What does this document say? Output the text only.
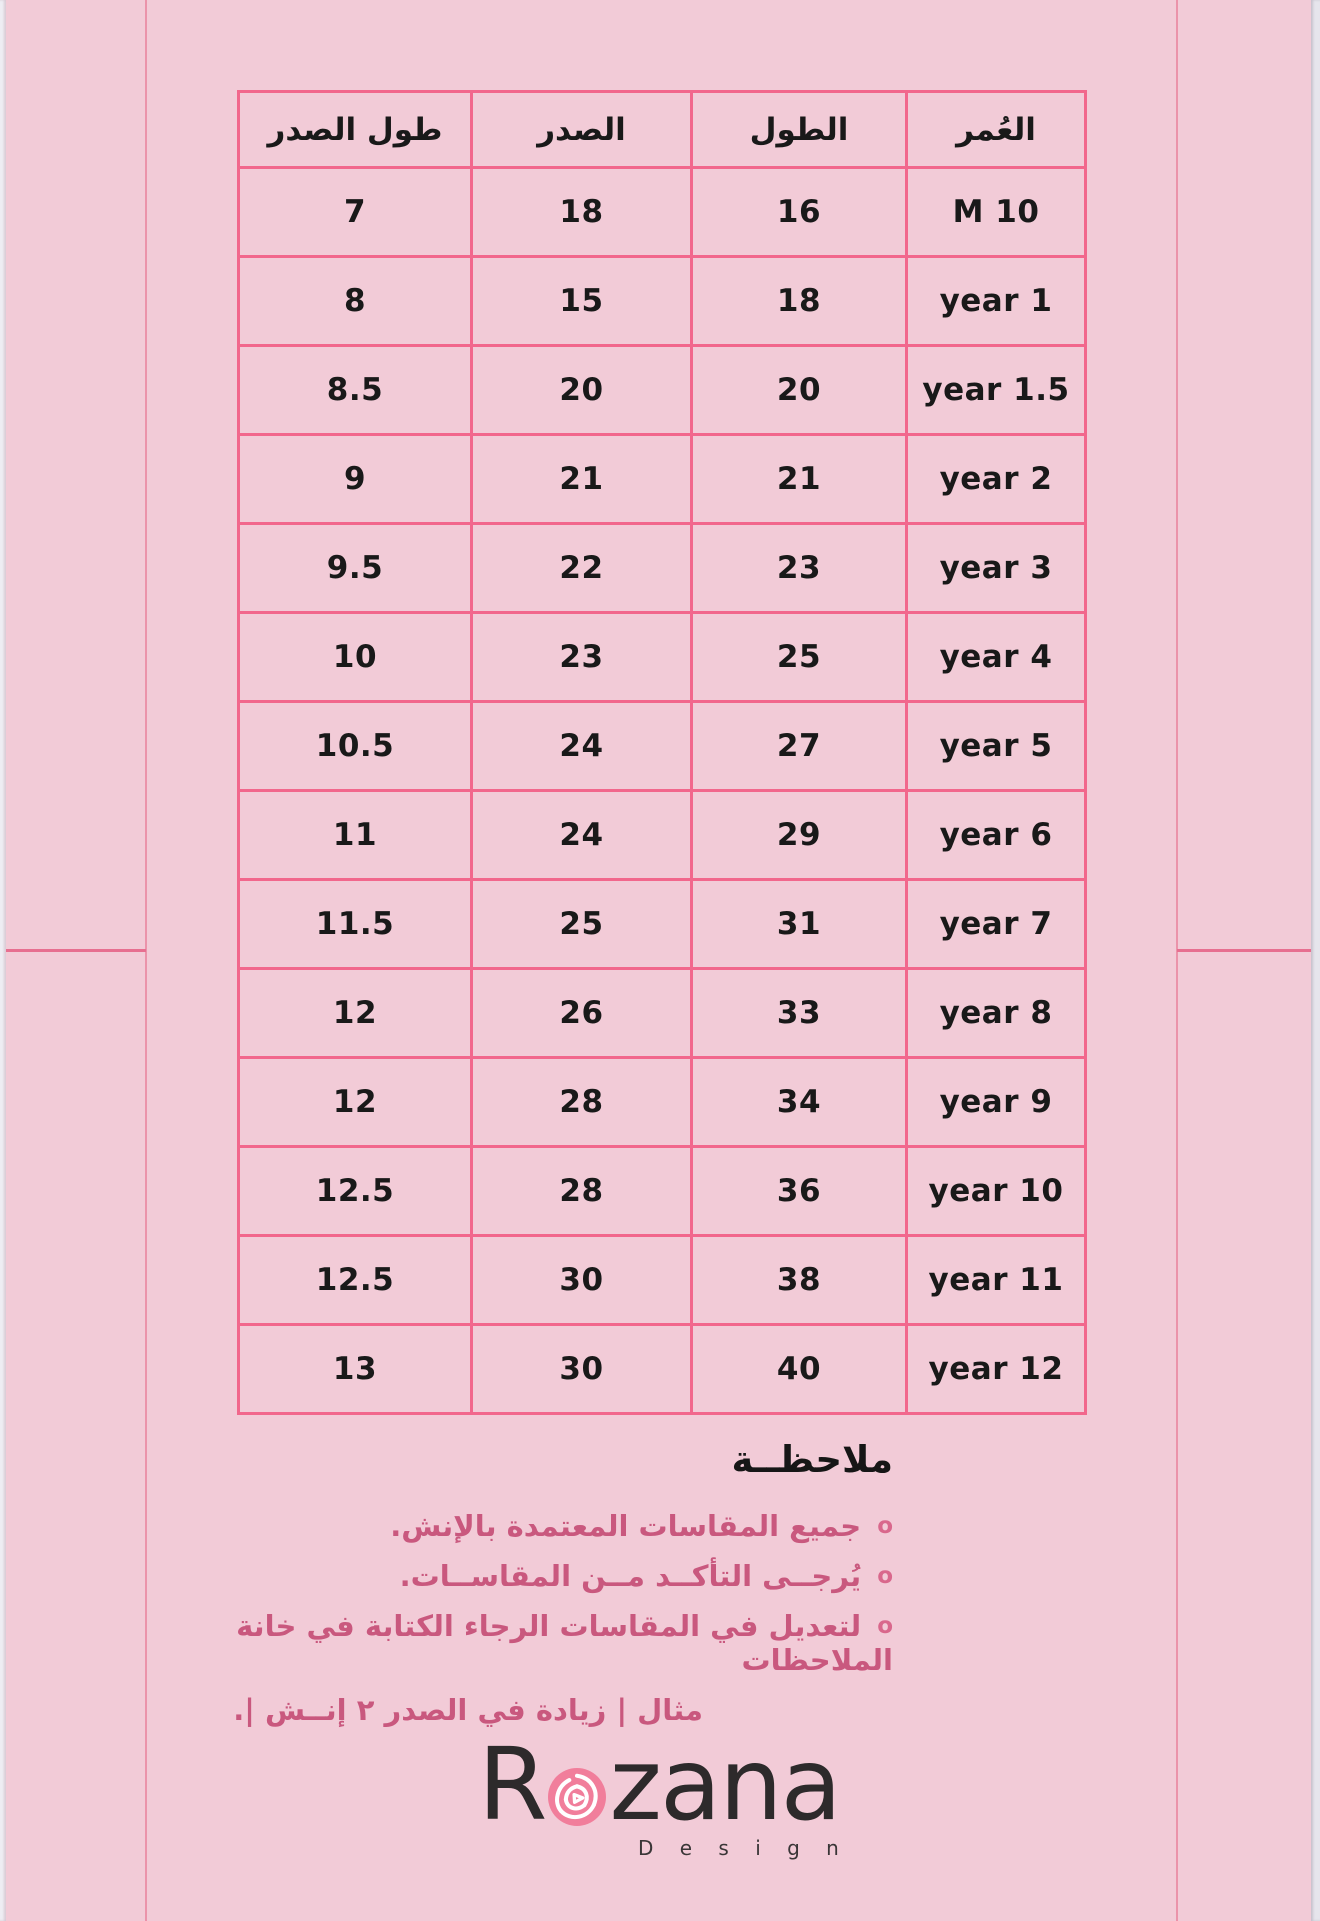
العُمر	الطول	الصدر	طول الصدر
10 M	16	18	7
1 year	18	15	8
1.5 year	20	20	8.5
2 year	21	21	9
3 year	23	22	9.5
4 year	25	23	10
5 year	27	24	10.5
6 year	29	24	11
7 year	31	25	11.5
8 year	33	26	12
9 year	34	28	12
10 year	36	28	12.5
11 year	38	30	12.5
12 year	40	30	13
ملاحظــة
oجميع المقاسات المعتمدة بالإنش.
oيُرجــى التأكــد مــن المقاســات.
oلتعديل في المقاسات الرجاء الكتابة في خانة الملاحظات
مثال | زيادة في الصدر ٢ إنــش |.
R zana
D e s i g n
